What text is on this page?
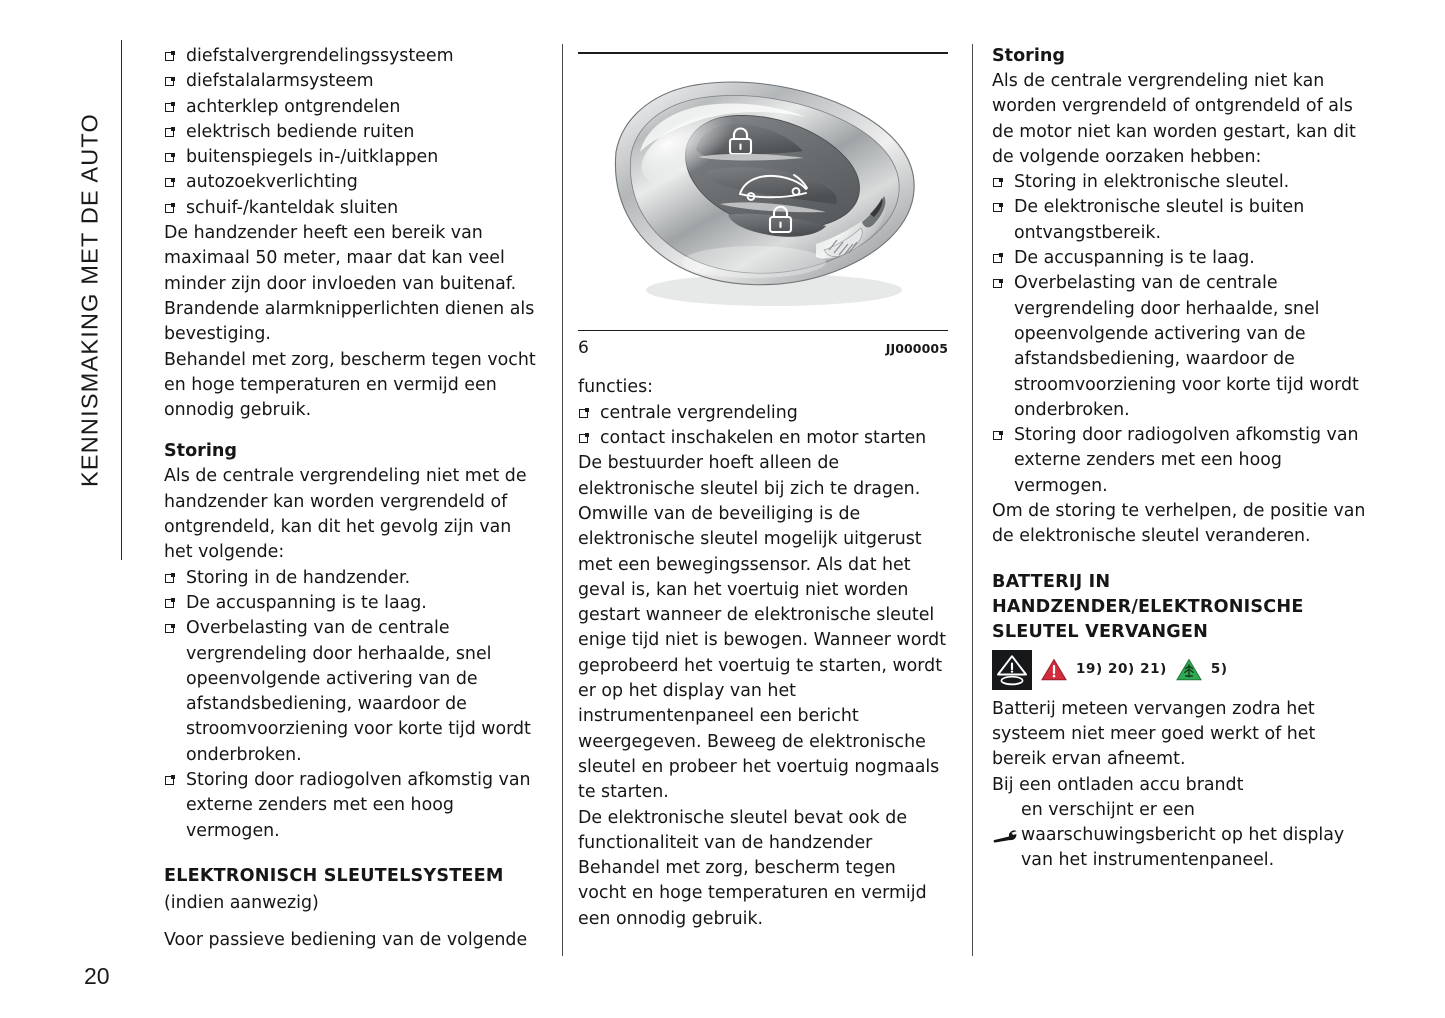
KENNISMAKING MET DE AUTO
diefstalvergrendelingssysteem
diefstalalarmsysteem
achterklep ontgrendelen
elektrisch bediende ruiten
buitenspiegels in-/uitklappen
autozoekverlichting
schuif-/kanteldak sluiten

De handzender heeft een bereik van maximaal 50 meter, maar dat kan veel minder zijn door invloeden van buitenaf. Brandende alarmknipperlichten dienen als bevestiging.

Behandel met zorg, bescherm tegen vocht en hoge temperaturen en vermijd een onnodig gebruik.

Storing

Als de centrale vergrendeling niet met de handzender kan worden vergrendeld of ontgrendeld, kan dit het gevolg zijn van het volgende:

Storing in de handzender.
De accuspanning is te laag.
Overbelasting van de centrale vergrendeling door herhaalde, snel opeenvolgende activering van de afstandsbediening, waardoor de stroomvoorziening voor korte tijd wordt onderbroken.
Storing door radiogolven afkomstig van externe zenders met een hoog vermogen.
ELEKTRONISCH SLEUTELSYSTEEM

(indien aanwezig)

Voor passieve bediening van de volgende

6	JJ000005

functies:

centrale vergrendeling
contact inschakelen en motor starten

De bestuurder hoeft alleen de elektronische sleutel bij zich te dragen.

Omwille van de beveiliging is de elektronische sleutel mogelijk uitgerust met een bewegingssensor. Als dat het geval is, kan het voertuig niet worden gestart wanneer de elektronische sleutel enige tijd niet is bewogen. Wanneer wordt geprobeerd het voertuig te starten, wordt er op het display van het instrumentenpaneel een bericht weergegeven. Beweeg de elektronische sleutel en probeer het voertuig nogmaals te starten.

De elektronische sleutel bevat ook de functionaliteit van de handzender

Behandel met zorg, bescherm tegen vocht en hoge temperaturen en vermijd een onnodig gebruik.

Storing

Als de centrale vergrendeling niet kan worden vergrendeld of ontgrendeld of als de motor niet kan worden gestart, kan dit de volgende oorzaken hebben:

Storing in elektronische sleutel.
De elektronische sleutel is buiten ontvangstbereik.
De accuspanning is te laag.
Overbelasting van de centrale vergrendeling door herhaalde, snel opeenvolgende activering van de afstandsbediening, waardoor de stroomvoorziening voor korte tijd wordt onderbroken.
Storing door radiogolven afkomstig van externe zenders met een hoog vermogen.

Om de storing te verhelpen, de positie van de elektronische sleutel veranderen.

BATTERIJ IN HANDZENDER/ELEKTRONISCHE SLEUTEL VERVANGEN
19) 20) 21)	5)

Batterij meteen vervangen zodra het systeem niet meer goed werkt of het bereik ervan afneemt.

Bij een ontladen accu brandt

en verschijnt er een waarschuwingsbericht op het display van het instrumentenpaneel.

20
